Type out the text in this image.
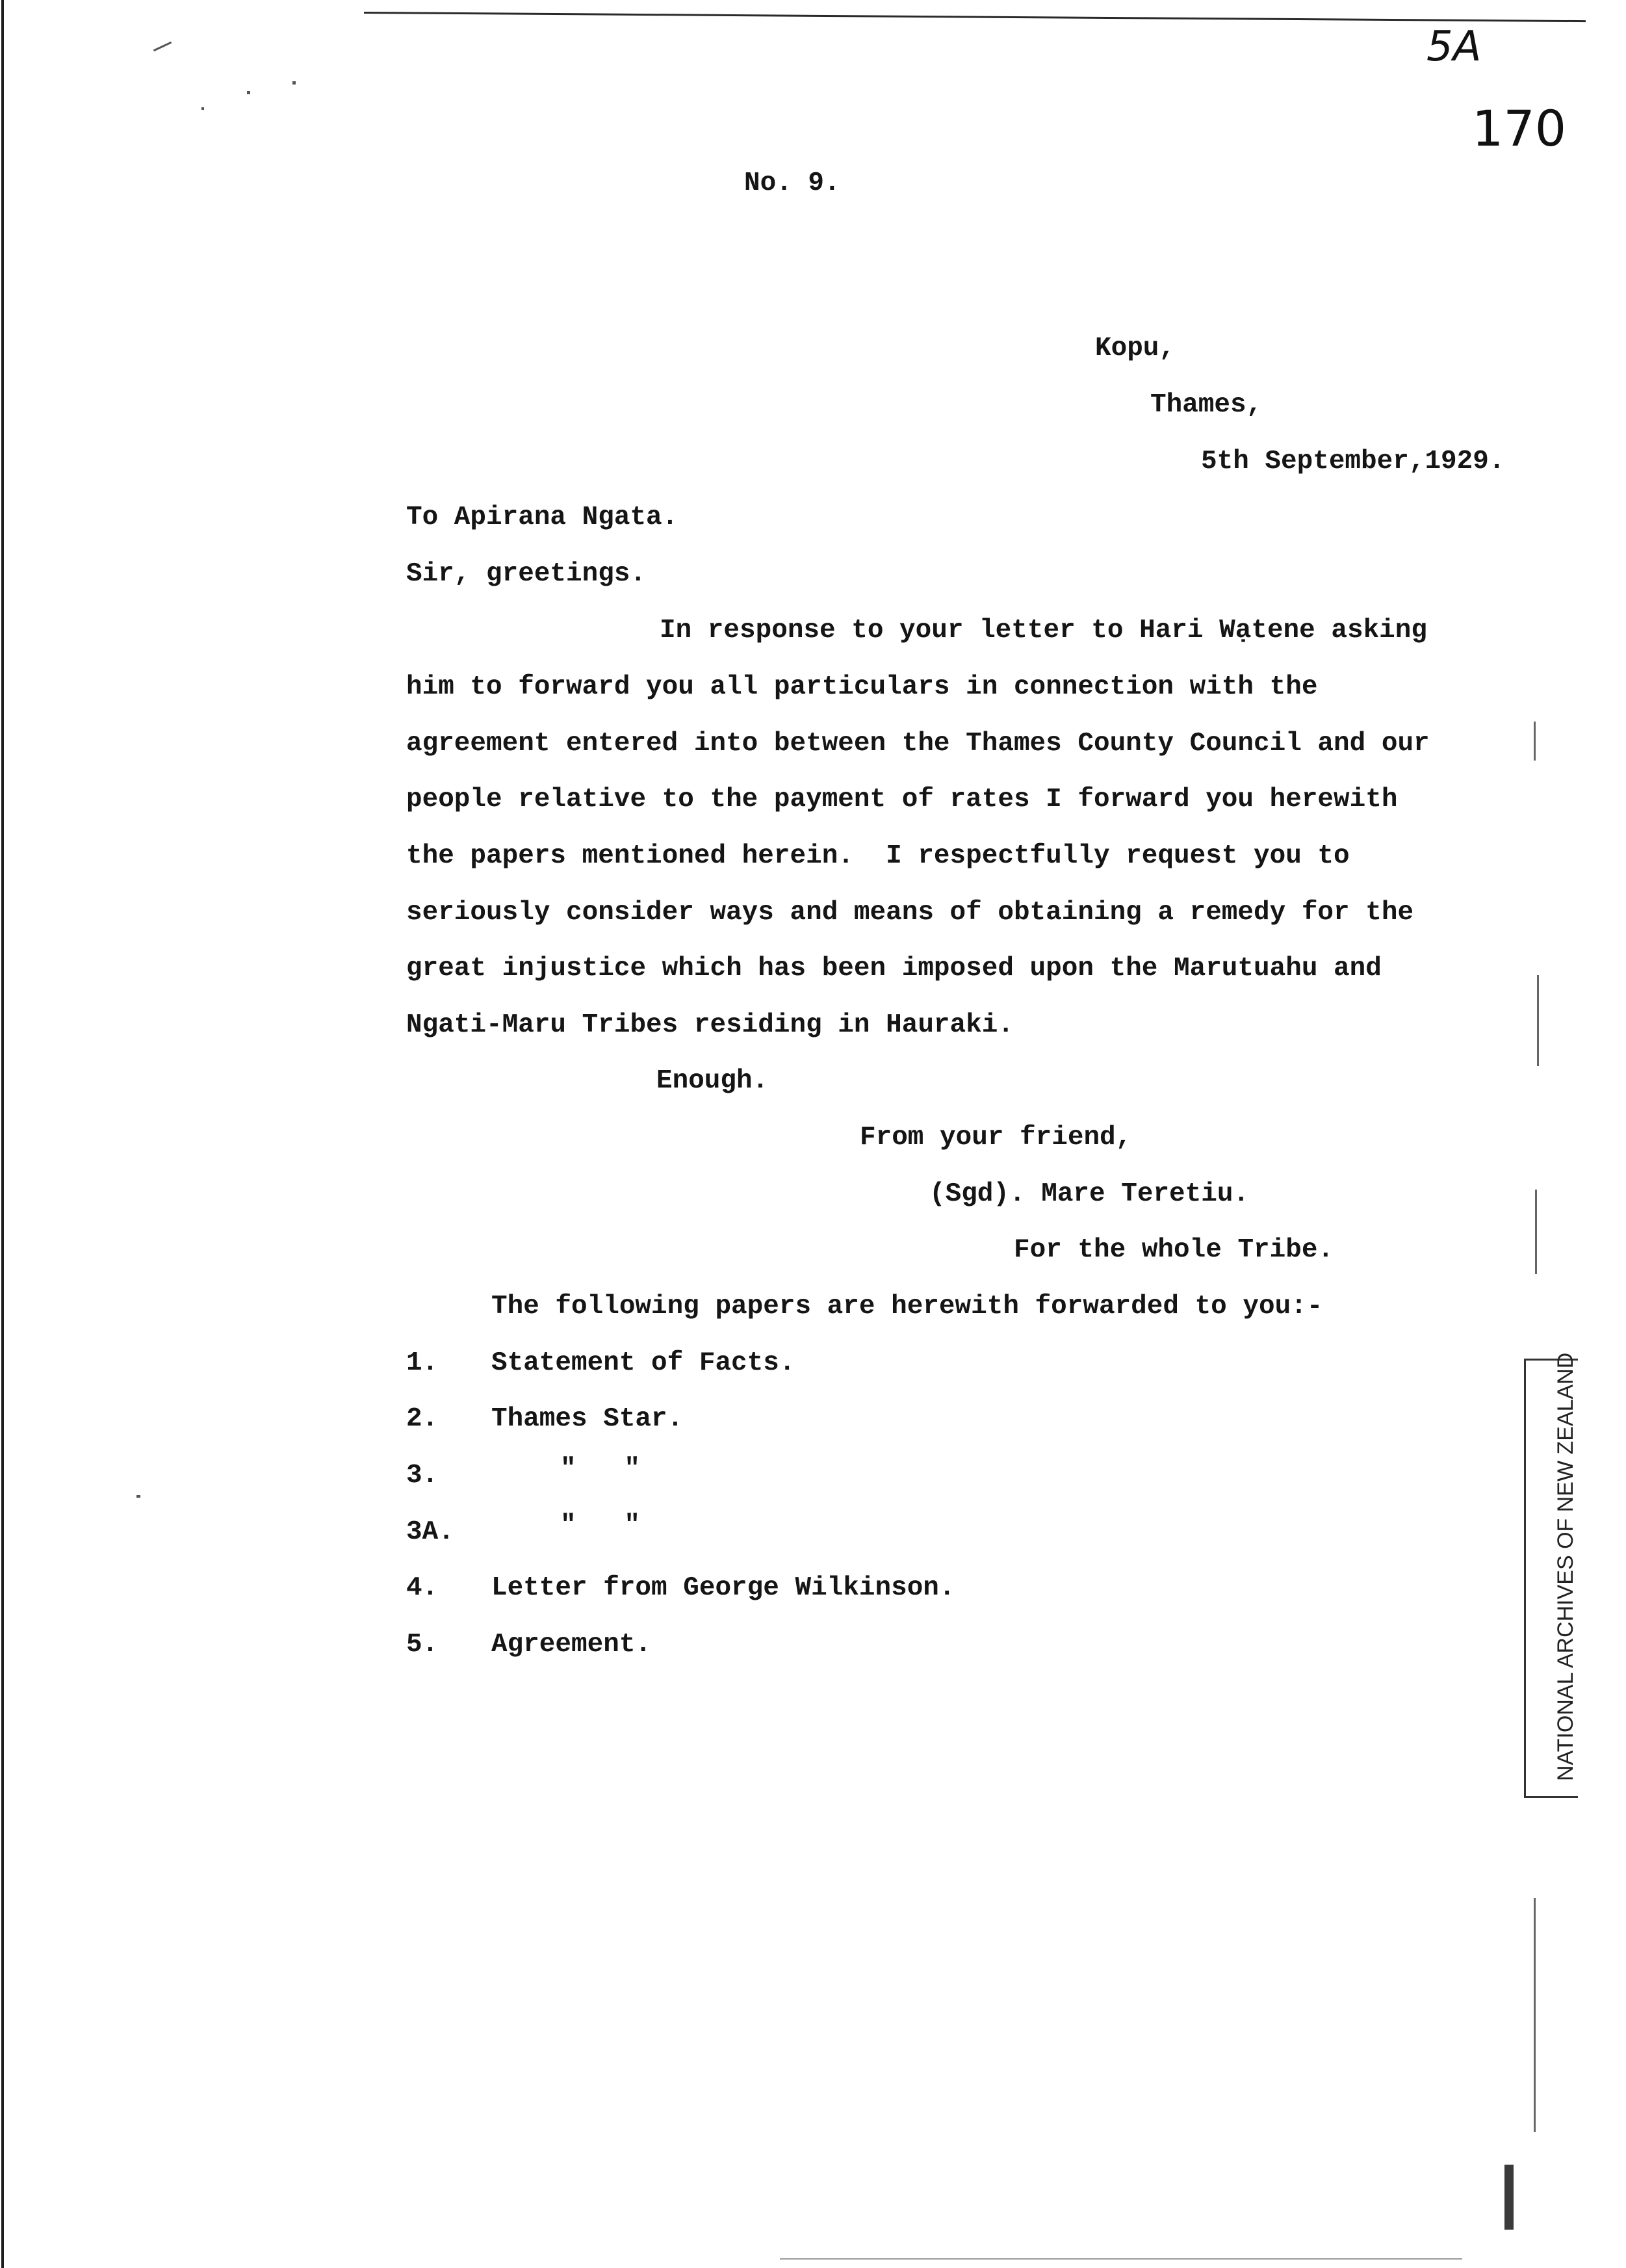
5A
170
No. 9.
Kopu,
Thames,
5th September,1929.
To Apirana Ngata.
Sir, greetings.
In response to your letter to Hari Wạtene asking
him to forward you all particulars in connection with the
agreement entered into between the Thames County Council and our
people relative to the payment of rates I forward you herewith
the papers mentioned herein.  I respectfully request you to
seriously consider ways and means of obtaining a remedy for the
great injustice which has been imposed upon the Marutuahu and
Ngati-Maru Tribes residing in Hauraki.
Enough.
From your friend,
(Sgd). Mare Teretiu.
For the whole Tribe.
The following papers are herewith forwarded to you:-
1. Statement of Facts.
2. Thames Star.
3.	"   "
3A.	"   "
4. Letter from George Wilkinson.
5. Agreement.	NATIONAL ARCHIVES OF NEW ZEALAND
